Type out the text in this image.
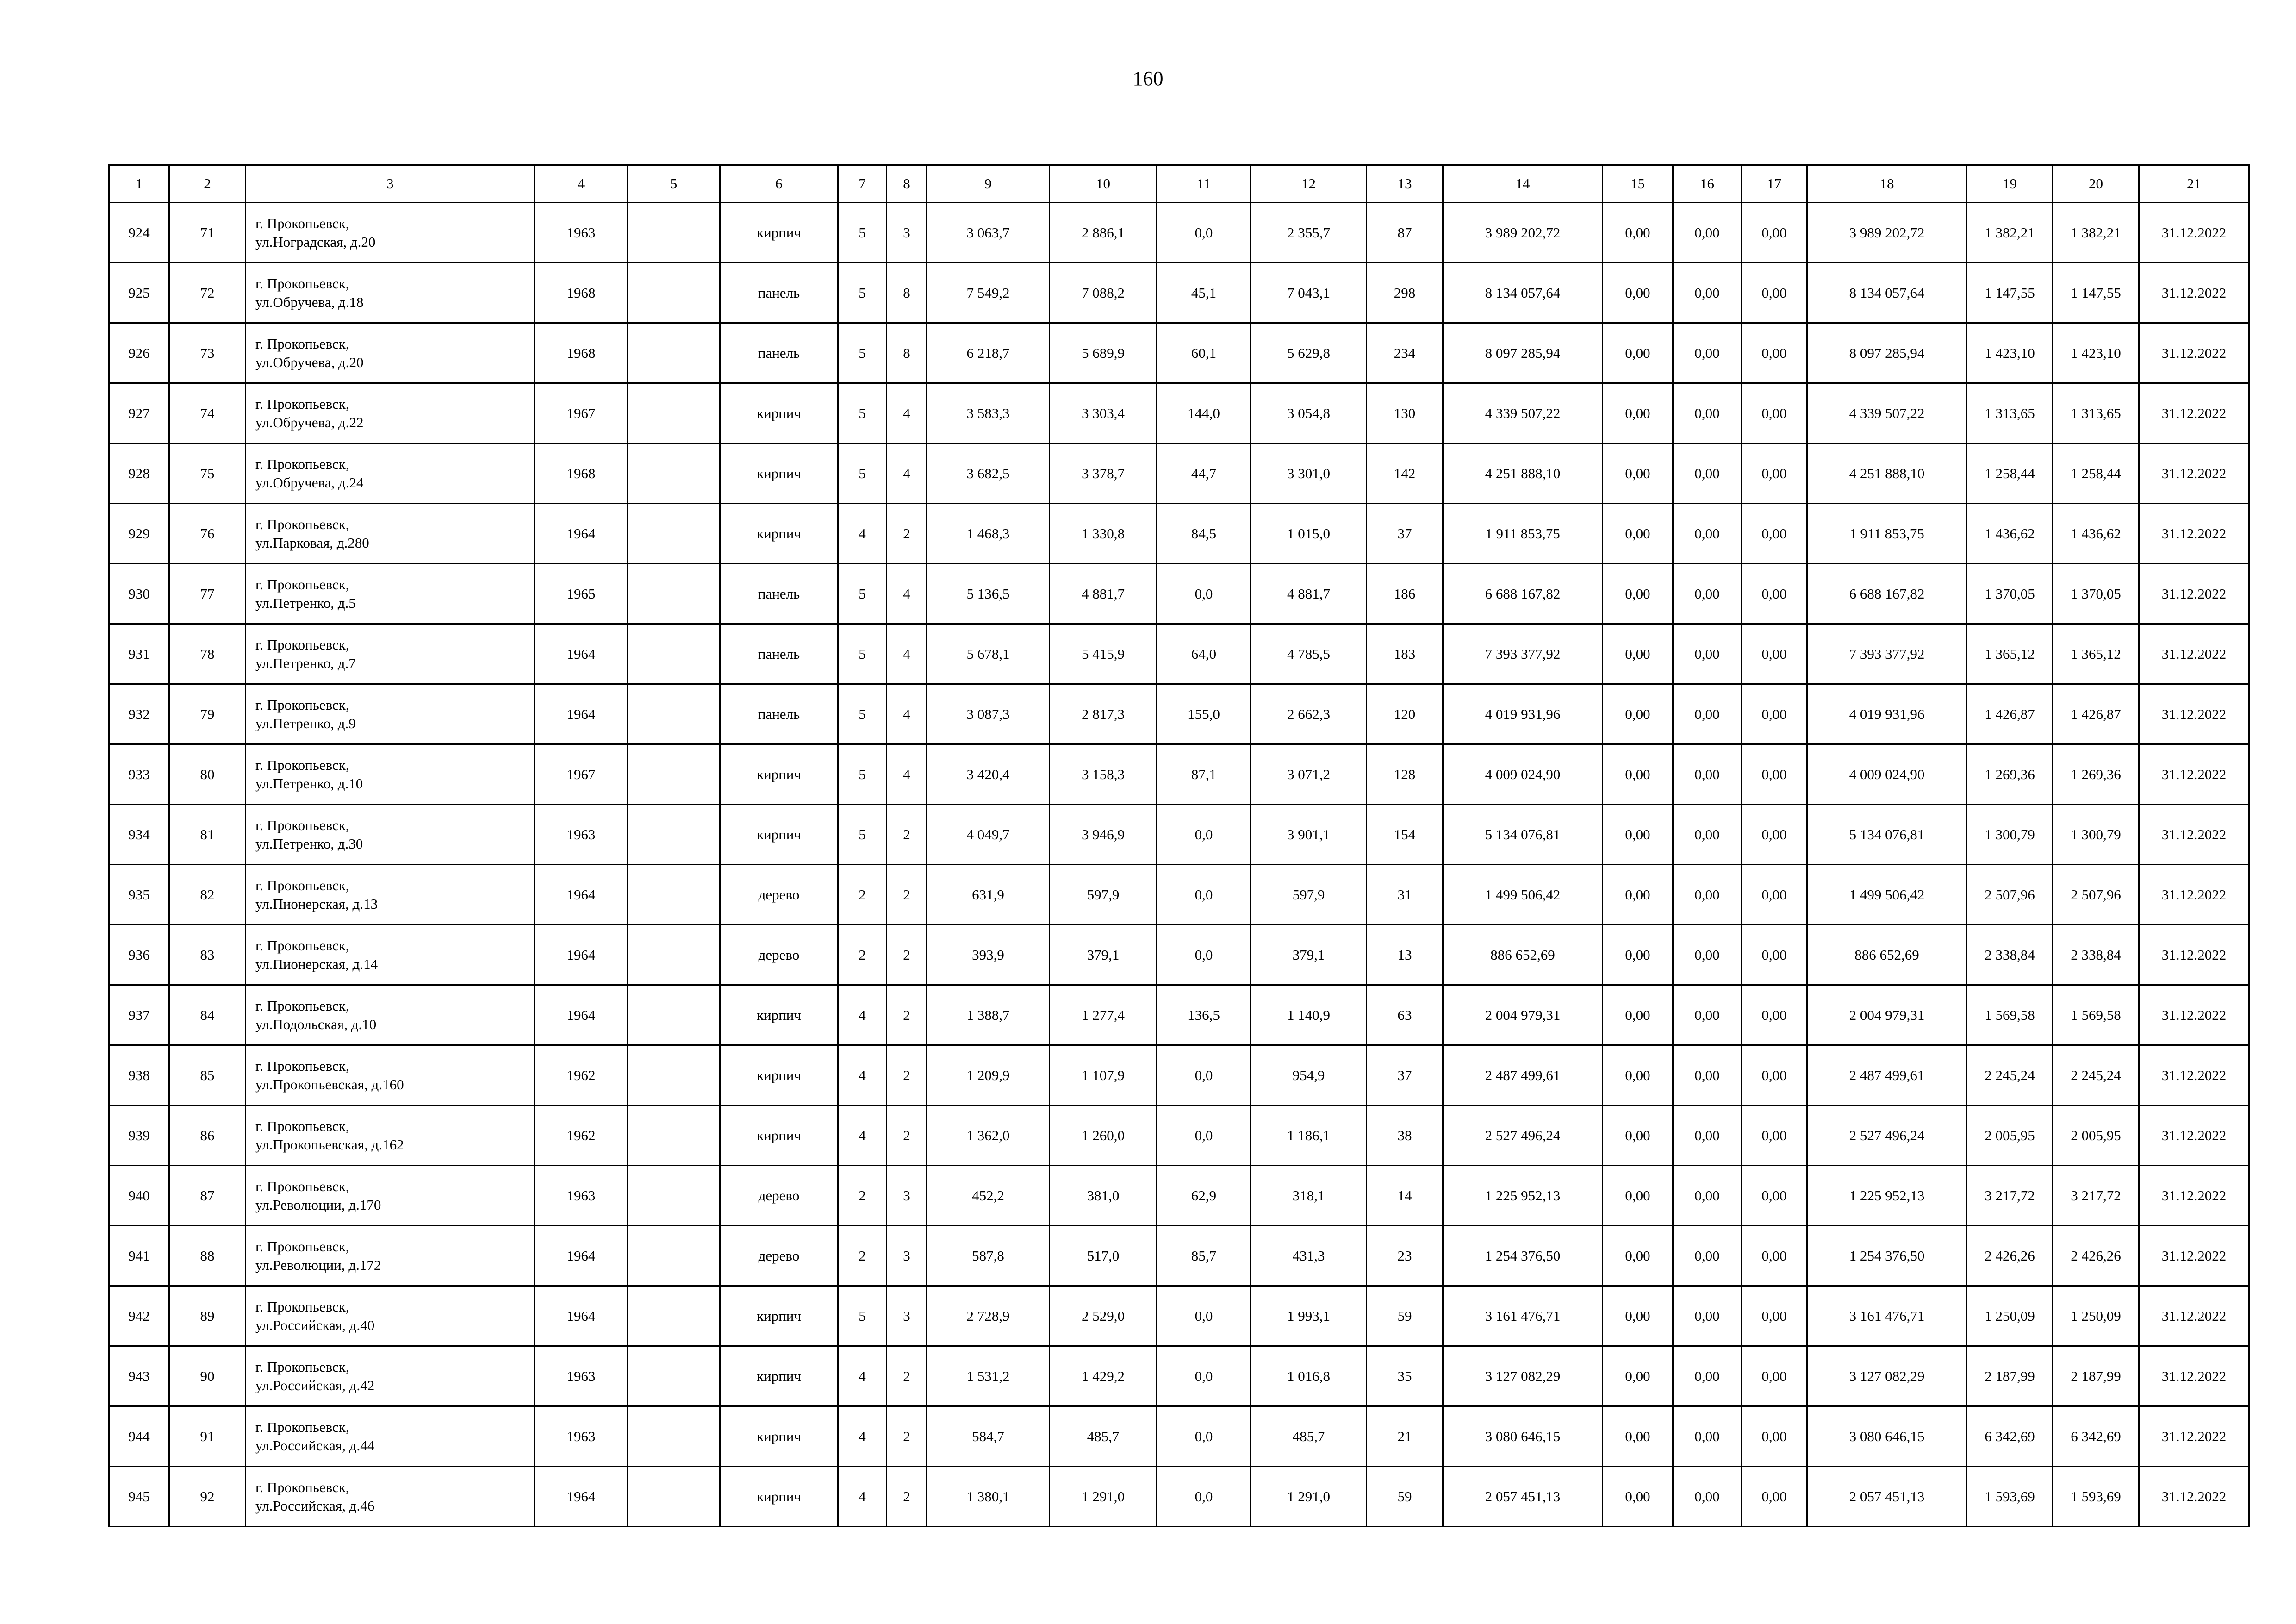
160
1	2	3	4	5	6	7	8	9	10	11	12	13	14	15	16	17	18	19	20	21
924	71	г. Прокопьевск,
ул.Ноградская, д.20	1963		кирпич	5	3	3 063,7	2 886,1	0,0	2 355,7	87	3 989 202,72	0,00	0,00	0,00	3 989 202,72	1 382,21	1 382,21	31.12.2022
925	72	г. Прокопьевск,
ул.Обручева, д.18	1968		панель	5	8	7 549,2	7 088,2	45,1	7 043,1	298	8 134 057,64	0,00	0,00	0,00	8 134 057,64	1 147,55	1 147,55	31.12.2022
926	73	г. Прокопьевск,
ул.Обручева, д.20	1968		панель	5	8	6 218,7	5 689,9	60,1	5 629,8	234	8 097 285,94	0,00	0,00	0,00	8 097 285,94	1 423,10	1 423,10	31.12.2022
927	74	г. Прокопьевск,
ул.Обручева, д.22	1967		кирпич	5	4	3 583,3	3 303,4	144,0	3 054,8	130	4 339 507,22	0,00	0,00	0,00	4 339 507,22	1 313,65	1 313,65	31.12.2022
928	75	г. Прокопьевск,
ул.Обручева, д.24	1968		кирпич	5	4	3 682,5	3 378,7	44,7	3 301,0	142	4 251 888,10	0,00	0,00	0,00	4 251 888,10	1 258,44	1 258,44	31.12.2022
929	76	г. Прокопьевск,
ул.Парковая, д.280	1964		кирпич	4	2	1 468,3	1 330,8	84,5	1 015,0	37	1 911 853,75	0,00	0,00	0,00	1 911 853,75	1 436,62	1 436,62	31.12.2022
930	77	г. Прокопьевск,
ул.Петренко, д.5	1965		панель	5	4	5 136,5	4 881,7	0,0	4 881,7	186	6 688 167,82	0,00	0,00	0,00	6 688 167,82	1 370,05	1 370,05	31.12.2022
931	78	г. Прокопьевск,
ул.Петренко, д.7	1964		панель	5	4	5 678,1	5 415,9	64,0	4 785,5	183	7 393 377,92	0,00	0,00	0,00	7 393 377,92	1 365,12	1 365,12	31.12.2022
932	79	г. Прокопьевск,
ул.Петренко, д.9	1964		панель	5	4	3 087,3	2 817,3	155,0	2 662,3	120	4 019 931,96	0,00	0,00	0,00	4 019 931,96	1 426,87	1 426,87	31.12.2022
933	80	г. Прокопьевск,
ул.Петренко, д.10	1967		кирпич	5	4	3 420,4	3 158,3	87,1	3 071,2	128	4 009 024,90	0,00	0,00	0,00	4 009 024,90	1 269,36	1 269,36	31.12.2022
934	81	г. Прокопьевск,
ул.Петренко, д.30	1963		кирпич	5	2	4 049,7	3 946,9	0,0	3 901,1	154	5 134 076,81	0,00	0,00	0,00	5 134 076,81	1 300,79	1 300,79	31.12.2022
935	82	г. Прокопьевск,
ул.Пионерская, д.13	1964		дерево	2	2	631,9	597,9	0,0	597,9	31	1 499 506,42	0,00	0,00	0,00	1 499 506,42	2 507,96	2 507,96	31.12.2022
936	83	г. Прокопьевск,
ул.Пионерская, д.14	1964		дерево	2	2	393,9	379,1	0,0	379,1	13	886 652,69	0,00	0,00	0,00	886 652,69	2 338,84	2 338,84	31.12.2022
937	84	г. Прокопьевск,
ул.Подольская, д.10	1964		кирпич	4	2	1 388,7	1 277,4	136,5	1 140,9	63	2 004 979,31	0,00	0,00	0,00	2 004 979,31	1 569,58	1 569,58	31.12.2022
938	85	г. Прокопьевск,
ул.Прокопьевская, д.160	1962		кирпич	4	2	1 209,9	1 107,9	0,0	954,9	37	2 487 499,61	0,00	0,00	0,00	2 487 499,61	2 245,24	2 245,24	31.12.2022
939	86	г. Прокопьевск,
ул.Прокопьевская, д.162	1962		кирпич	4	2	1 362,0	1 260,0	0,0	1 186,1	38	2 527 496,24	0,00	0,00	0,00	2 527 496,24	2 005,95	2 005,95	31.12.2022
940	87	г. Прокопьевск,
ул.Революции, д.170	1963		дерево	2	3	452,2	381,0	62,9	318,1	14	1 225 952,13	0,00	0,00	0,00	1 225 952,13	3 217,72	3 217,72	31.12.2022
941	88	г. Прокопьевск,
ул.Революции, д.172	1964		дерево	2	3	587,8	517,0	85,7	431,3	23	1 254 376,50	0,00	0,00	0,00	1 254 376,50	2 426,26	2 426,26	31.12.2022
942	89	г. Прокопьевск,
ул.Российская, д.40	1964		кирпич	5	3	2 728,9	2 529,0	0,0	1 993,1	59	3 161 476,71	0,00	0,00	0,00	3 161 476,71	1 250,09	1 250,09	31.12.2022
943	90	г. Прокопьевск,
ул.Российская, д.42	1963		кирпич	4	2	1 531,2	1 429,2	0,0	1 016,8	35	3 127 082,29	0,00	0,00	0,00	3 127 082,29	2 187,99	2 187,99	31.12.2022
944	91	г. Прокопьевск,
ул.Российская, д.44	1963		кирпич	4	2	584,7	485,7	0,0	485,7	21	3 080 646,15	0,00	0,00	0,00	3 080 646,15	6 342,69	6 342,69	31.12.2022
945	92	г. Прокопьевск,
ул.Российская, д.46	1964		кирпич	4	2	1 380,1	1 291,0	0,0	1 291,0	59	2 057 451,13	0,00	0,00	0,00	2 057 451,13	1 593,69	1 593,69	31.12.2022
